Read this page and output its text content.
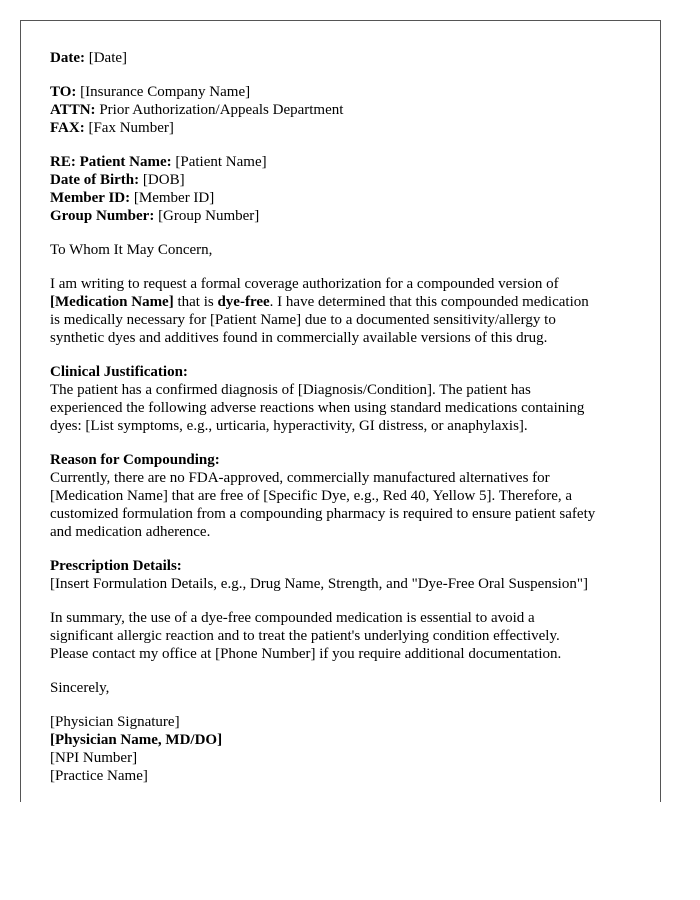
Date: [Date]
TO: [Insurance Company Name]
ATTN: Prior Authorization/Appeals Department
FAX: [Fax Number]
RE: Patient Name: [Patient Name]
Date of Birth: [DOB]
Member ID: [Member ID]
Group Number: [Group Number]
To Whom It May Concern,
I am writing to request a formal coverage authorization for a compounded version of
[Medication Name] that is dye-free. I have determined that this compounded medication
is medically necessary for [Patient Name] due to a documented sensitivity/allergy to
synthetic dyes and additives found in commercially available versions of this drug.
Clinical Justification:
The patient has a confirmed diagnosis of [Diagnosis/Condition]. The patient has
experienced the following adverse reactions when using standard medications containing
dyes: [List symptoms, e.g., urticaria, hyperactivity, GI distress, or anaphylaxis].
Reason for Compounding:
Currently, there are no FDA-approved, commercially manufactured alternatives for
[Medication Name] that are free of [Specific Dye, e.g., Red 40, Yellow 5]. Therefore, a
customized formulation from a compounding pharmacy is required to ensure patient safety
and medication adherence.
Prescription Details:
[Insert Formulation Details, e.g., Drug Name, Strength, and "Dye-Free Oral Suspension"]
In summary, the use of a dye-free compounded medication is essential to avoid a
significant allergic reaction and to treat the patient's underlying condition effectively.
Please contact my office at [Phone Number] if you require additional documentation.
Sincerely,
[Physician Signature]
[Physician Name, MD/DO]
[NPI Number]
[Practice Name]
